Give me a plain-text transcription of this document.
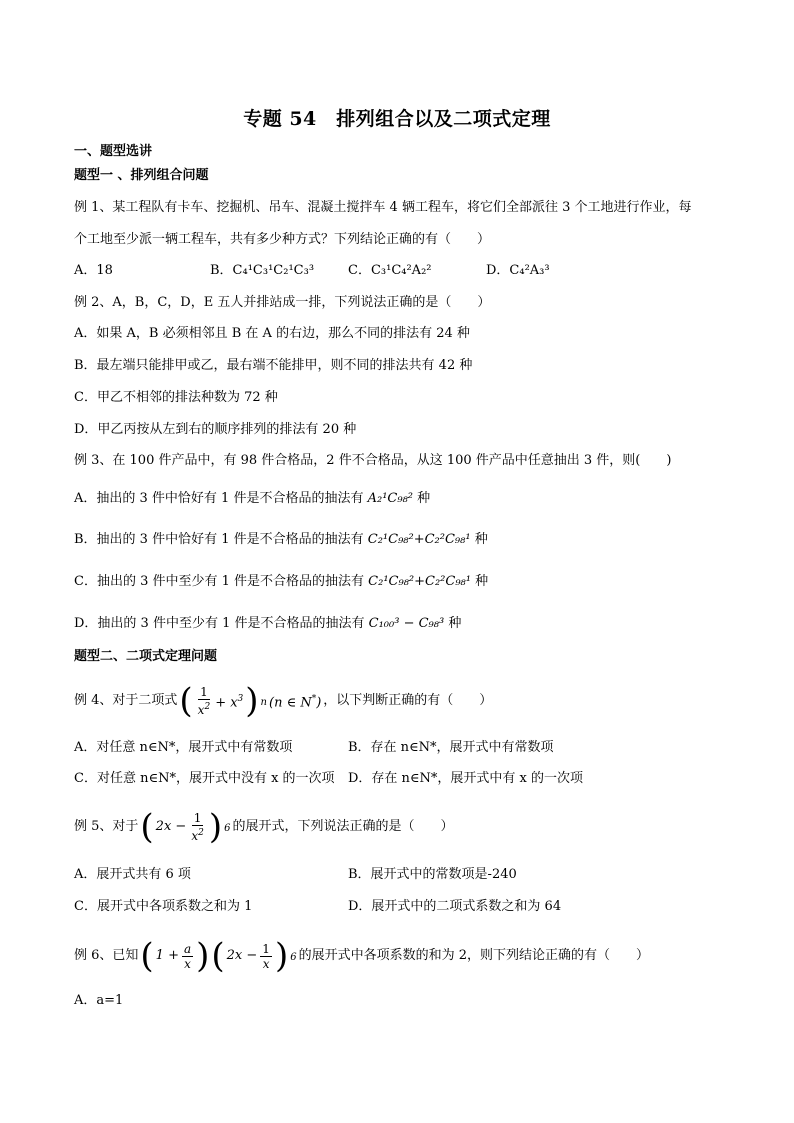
专题 54　排列组合以及二项式定理
一、题型选讲
题型一 、排列组合问题
例 1、某工程队有卡车、挖掘机、吊车、混凝土搅拌车 4 辆工程车，将它们全部派往 3 个工地进行作业，每
个工地至少派一辆工程车，共有多少种方式？下列结论正确的有（　　）
A．18	B．C₄¹C₃¹C₂¹C₃³	C．C₃¹C₄²A₂²	D．C₄²A₃³
例 2、A，B，C，D，E 五人并排站成一排，下列说法正确的是（　　）
A．如果 A，B 必须相邻且 B 在 A 的右边，那么不同的排法有 24 种
B．最左端只能排甲或乙，最右端不能排甲，则不同的排法共有 42 种
C．甲乙不相邻的排法种数为 72 种
D．甲乙丙按从左到右的顺序排列的排法有 20 种
例 3、在 100 件产品中，有 98 件合格品，2 件不合格品，从这 100 件产品中任意抽出 3 件，则(　　)
A．抽出的 3 件中恰好有 1 件是不合格品的抽法有 A₂¹C₉₈² 种
B．抽出的 3 件中恰好有 1 件是不合格品的抽法有 C₂¹C₉₈²+C₂²C₉₈¹ 种
C．抽出的 3 件中至少有 1 件是不合格品的抽法有 C₂¹C₉₈²+C₂²C₉₈¹ 种
D．抽出的 3 件中至少有 1 件是不合格品的抽法有 C₁₀₀³ − C₉₈³ 种
题型二、二项式定理问题
例 4、对于二项式 ( $\frac{1}{x^2} + x^3$ ) n (n ∈ N*) ，以下判断正确的有（　　）
A．对任意 n∈N*，展开式中有常数项	B．存在 n∈N*，展开式中有常数项
C．对任意 n∈N*，展开式中没有 x 的一次项 D．存在 n∈N*，展开式中有 x 的一次项
例 5、对于 ( $2x - \frac{1}{x^2}$ ) 6 的展开式，下列说法正确的是（　　）
A．展开式共有 6 项	B．展开式中的常数项是-240
C．展开式中各项系数之和为 1	D．展开式中的二项式系数之和为 64
例 6、已知 ( $1 + \frac{a}{x}$ ) ( $2x - \frac{1}{x}$ ) 6 的展开式中各项系数的和为 2，则下列结论正确的有（　　）
A．a=1
